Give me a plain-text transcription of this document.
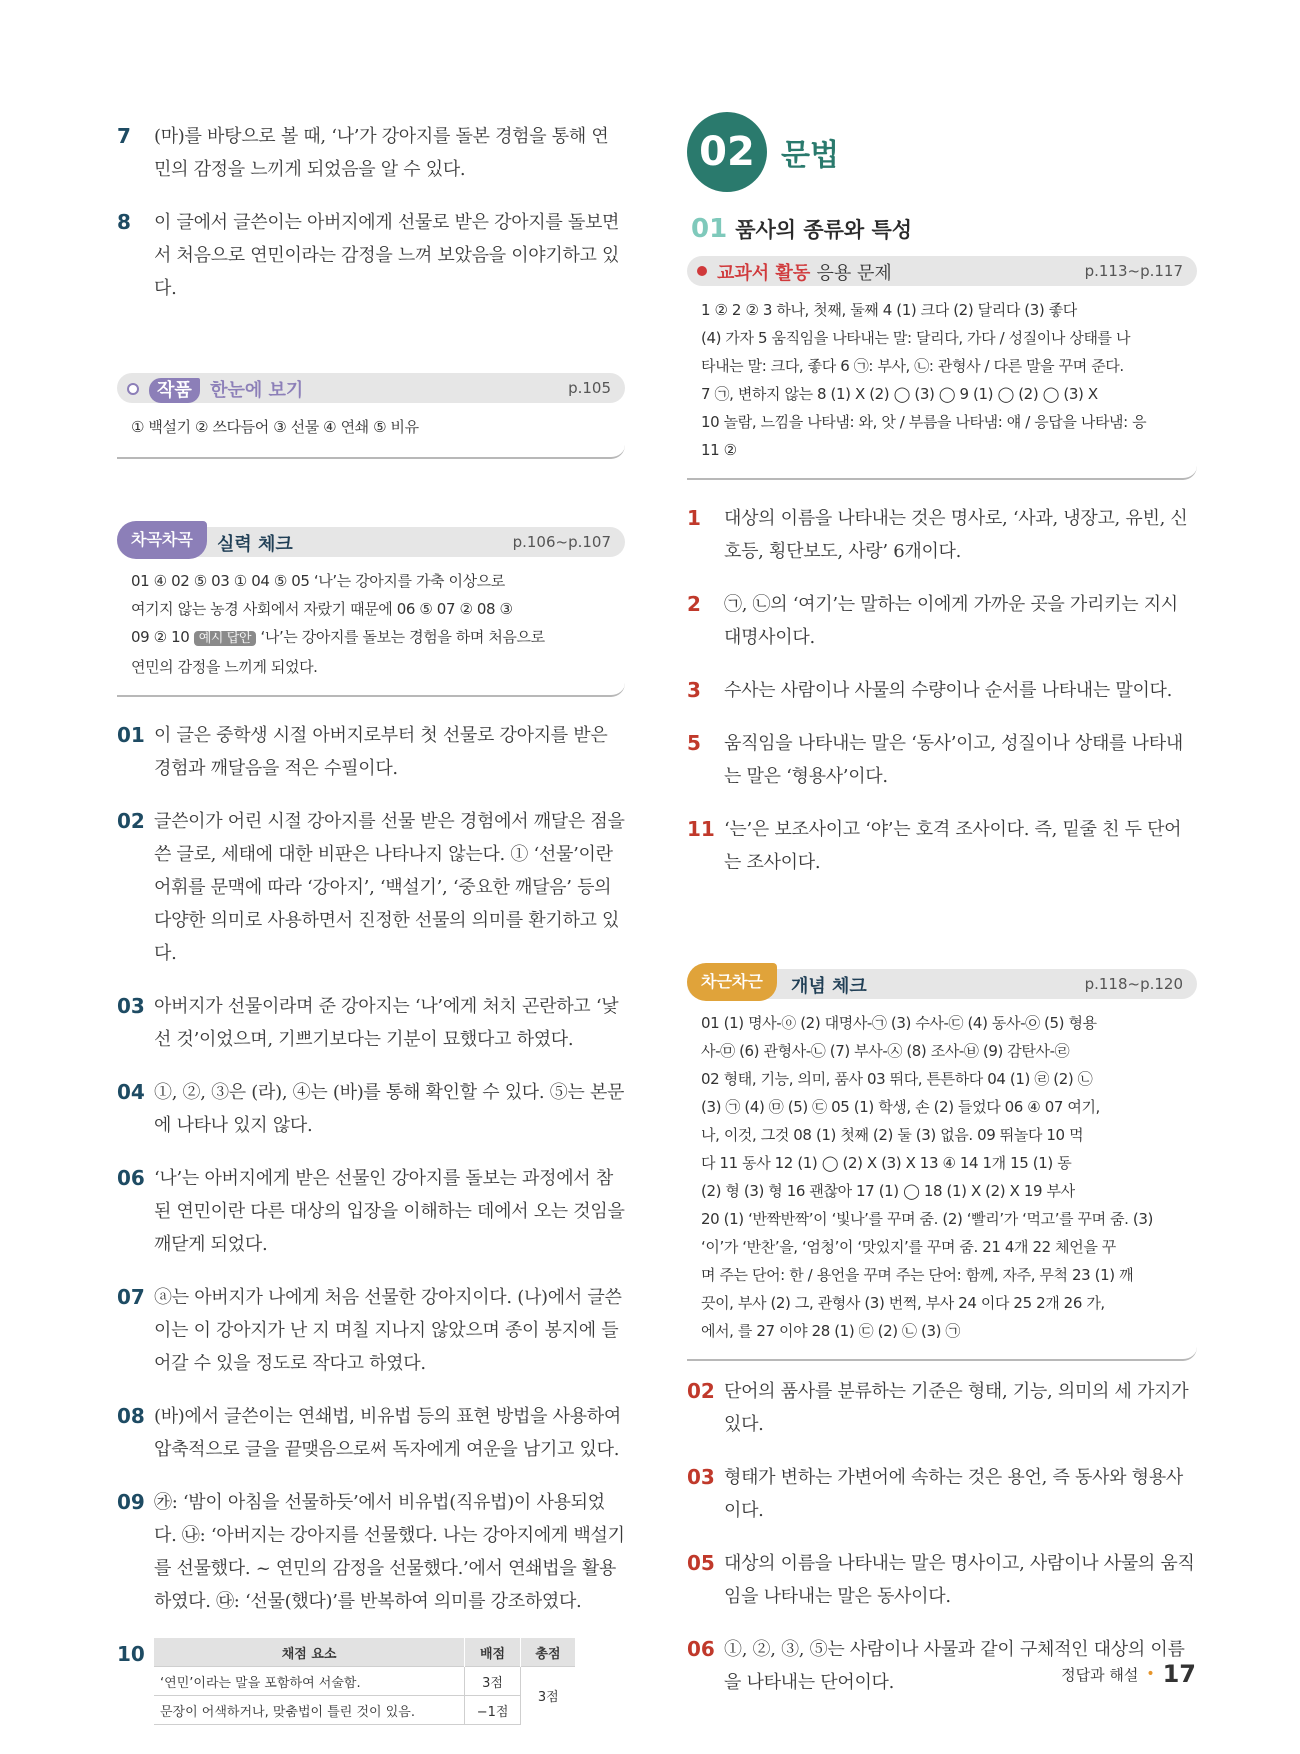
7	(마)를 바탕으로 볼 때, ‘나’가 강아지를 돌본 경험을 통해 연민의 감정을 느끼게 되었음을 알 수 있다.
8	이 글에서 글쓴이는 아버지에게 선물로 받은 강아지를 돌보면서 처음으로 연민이라는 감정을 느껴 보았음을 이야기하고 있다.
작품 한눈에 보기	p.105
① 백설기 ② 쓰다듬어 ③ 선물 ④ 연쇄 ⑤ 비유
차곡차곡	실력 체크	p.106~p.107
01 ④ 02 ⑤ 03 ① 04 ⑤ 05 ‘나’는 강아지를 가축 이상으로
여기지 않는 농경 사회에서 자랐기 때문에 06 ⑤ 07 ② 08 ③
09 ② 10 예시 답안 ‘나’는 강아지를 돌보는 경험을 하며 처음으로
연민의 감정을 느끼게 되었다.
01 이 글은 중학생 시절 아버지로부터 첫 선물로 강아지를 받은 경험과 깨달음을 적은 수필이다.
02 글쓴이가 어린 시절 강아지를 선물 받은 경험에서 깨달은 점을 쓴 글로, 세태에 대한 비판은 나타나지 않는다. ① ‘선물’이란 어휘를 문맥에 따라 ‘강아지’, ‘백설기’, ‘중요한 깨달음’ 등의 다양한 의미로 사용하면서 진정한 선물의 의미를 환기하고 있다.
03 아버지가 선물이라며 준 강아지는 ‘나’에게 처치 곤란하고 ‘낯선 것’이었으며, 기쁘기보다는 기분이 묘했다고 하였다.
04 ①, ②, ③은 (라), ④는 (바)를 통해 확인할 수 있다. ⑤는 본문에 나타나 있지 않다.
06 ‘나’는 아버지에게 받은 선물인 강아지를 돌보는 과정에서 참된 연민이란 다른 대상의 입장을 이해하는 데에서 오는 것임을 깨닫게 되었다.
07 ⓐ는 아버지가 나에게 처음 선물한 강아지이다. (나)에서 글쓴이는 이 강아지가 난 지 며칠 지나지 않았으며 종이 봉지에 들어갈 수 있을 정도로 작다고 하였다.
08 (바)에서 글쓴이는 연쇄법, 비유법 등의 표현 방법을 사용하여 압축적으로 글을 끝맺음으로써 독자에게 여운을 남기고 있다.
09 ㉮: ‘밤이 아침을 선물하듯’에서 비유법(직유법)이 사용되었다. ㉯: ‘아버지는 강아지를 선물했다. 나는 강아지에게 백설기를 선물했다. ~ 연민의 감정을 선물했다.’에서 연쇄법을 활용하였다. ㉰: ‘선물(했다)’를 반복하여 의미를 강조하였다.
10	채점 요소	배점	총점
‘연민’이라는 말을 포함하여 서술함.	3점	3점
문장이 어색하거나, 맞춤법이 틀린 것이 있음.	−1점	
02 문법
01 품사의 종류와 특성
교과서 활동 응용 문제	p.113~p.117
1 ② 2 ② 3 하나, 첫째, 둘째 4 (1) 크다 (2) 달리다 (3) 좋다
(4) 가자 5 움직임을 나타내는 말: 달리다, 가다 / 성질이나 상태를 나
타내는 말: 크다, 좋다 6 ㉠: 부사, ㉡: 관형사 / 다른 말을 꾸며 준다.
7 ㉠, 변하지 않는 8 (1) X (2) ◯ (3) ◯ 9 (1) ◯ (2) ◯ (3) X
10 놀람, 느낌을 나타냄: 와, 앗 / 부름을 나타냄: 얘 / 응답을 나타냄: 응
11 ②
1	대상의 이름을 나타내는 것은 명사로, ‘사과, 냉장고, 유빈, 신호등, 횡단보도, 사랑’ 6개이다.
2	㉠, ㉡의 ‘여기’는 말하는 이에게 가까운 곳을 가리키는 지시 대명사이다.
3	수사는 사람이나 사물의 수량이나 순서를 나타내는 말이다.
5	움직임을 나타내는 말은 ‘동사’이고, 성질이나 상태를 나타내는 말은 ‘형용사’이다.
11 ‘는’은 보조사이고 ‘야’는 호격 조사이다. 즉, 밑줄 친 두 단어는 조사이다.
차근차근	개념 체크	p.118~p.120
01 (1) 명사-ⓞ (2) 대명사-㉠ (3) 수사-㉢ (4) 동사-㉧ (5) 형용
사-㉤ (6) 관형사-㉡ (7) 부사-㉦ (8) 조사-㉥ (9) 감탄사-㉣
02 형태, 기능, 의미, 품사 03 뛰다, 튼튼하다 04 (1) ㉣ (2) ㉡
(3) ㉠ (4) ㉤ (5) ㉢ 05 (1) 학생, 손 (2) 들었다 06 ④ 07 여기,
나, 이것, 그것 08 (1) 첫째 (2) 둘 (3) 없음. 09 뛰놀다 10 먹
다 11 동사 12 (1) ◯ (2) X (3) X 13 ④ 14 1개 15 (1) 동
(2) 형 (3) 형 16 괜찮아 17 (1) ◯ 18 (1) X (2) X 19 부사
20 (1) ‘반짝반짝’이 ‘빛나’를 꾸며 줌. (2) ‘빨리’가 ‘먹고’를 꾸며 줌. (3)
‘이’가 ‘반찬’을, ‘엄청’이 ‘맛있지’를 꾸며 줌. 21 4개 22 체언을 꾸
며 주는 단어: 한 / 용언을 꾸며 주는 단어: 함께, 자주, 무척 23 (1) 깨
끗이, 부사 (2) 그, 관형사 (3) 번쩍, 부사 24 이다 25 2개 26 가,
에서, 를 27 이야 28 (1) ㉢ (2) ㉡ (3) ㉠
02 단어의 품사를 분류하는 기준은 형태, 기능, 의미의 세 가지가 있다.
03 형태가 변하는 가변어에 속하는 것은 용언, 즉 동사와 형용사이다.
05 대상의 이름을 나타내는 말은 명사이고, 사람이나 사물의 움직임을 나타내는 말은 동사이다.
06 ①, ②, ③, ⑤는 사람이나 사물과 같이 구체적인 대상의 이름을 나타내는 단어이다.	정답과 해설 • 17
